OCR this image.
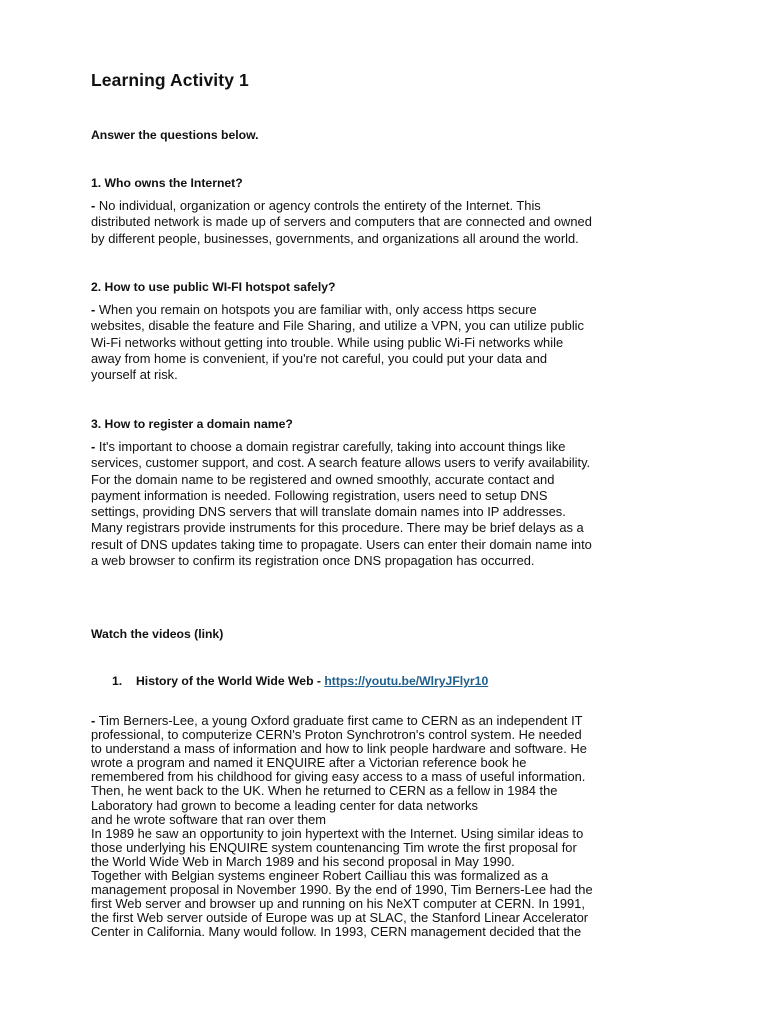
Learning Activity 1

Answer the questions below.

1. Who owns the Internet?

- No individual, organization or agency controls the entirety of the Internet. This
distributed network is made up of servers and computers that are connected and owned
by different people, businesses, governments, and organizations all around the world.

2. How to use public WI-FI hotspot safely?

- When you remain on hotspots you are familiar with, only access https secure
websites, disable the feature and File Sharing, and utilize a VPN, you can utilize public
Wi-Fi networks without getting into trouble. While using public Wi-Fi networks while
away from home is convenient, if you're not careful, you could put your data and
yourself at risk.

3. How to register a domain name?

- It's important to choose a domain registrar carefully, taking into account things like
services, customer support, and cost. A search feature allows users to verify availability.
For the domain name to be registered and owned smoothly, accurate contact and
payment information is needed. Following registration, users need to setup DNS
settings, providing DNS servers that will translate domain names into IP addresses.
Many registrars provide instruments for this procedure. There may be brief delays as a
result of DNS updates taking time to propagate. Users can enter their domain name into
a web browser to confirm its registration once DNS propagation has occurred.

Watch the videos (link)

1. History of the World Wide Web - https://youtu.be/WlryJFlyr10

- Tim Berners-Lee, a young Oxford graduate first came to CERN as an independent IT
professional, to computerize CERN's Proton Synchrotron's control system. He needed
to understand a mass of information and how to link people hardware and software. He
wrote a program and named it ENQUIRE after a Victorian reference book he
remembered from his childhood for giving easy access to a mass of useful information.
Then, he went back to the UK. When he returned to CERN as a fellow in 1984 the
Laboratory had grown to become a leading center for data networks
and he wrote software that ran over them
In 1989 he saw an opportunity to join hypertext with the Internet. Using similar ideas to
those underlying his ENQUIRE system countenancing Tim wrote the first proposal for
the World Wide Web in March 1989 and his second proposal in May 1990.
Together with Belgian systems engineer Robert Cailliau this was formalized as a
management proposal in November 1990. By the end of 1990, Tim Berners-Lee had the
first Web server and browser up and running on his NeXT computer at CERN. In 1991,
the first Web server outside of Europe was up at SLAC, the Stanford Linear Accelerator
Center in California. Many would follow. In 1993, CERN management decided that the
